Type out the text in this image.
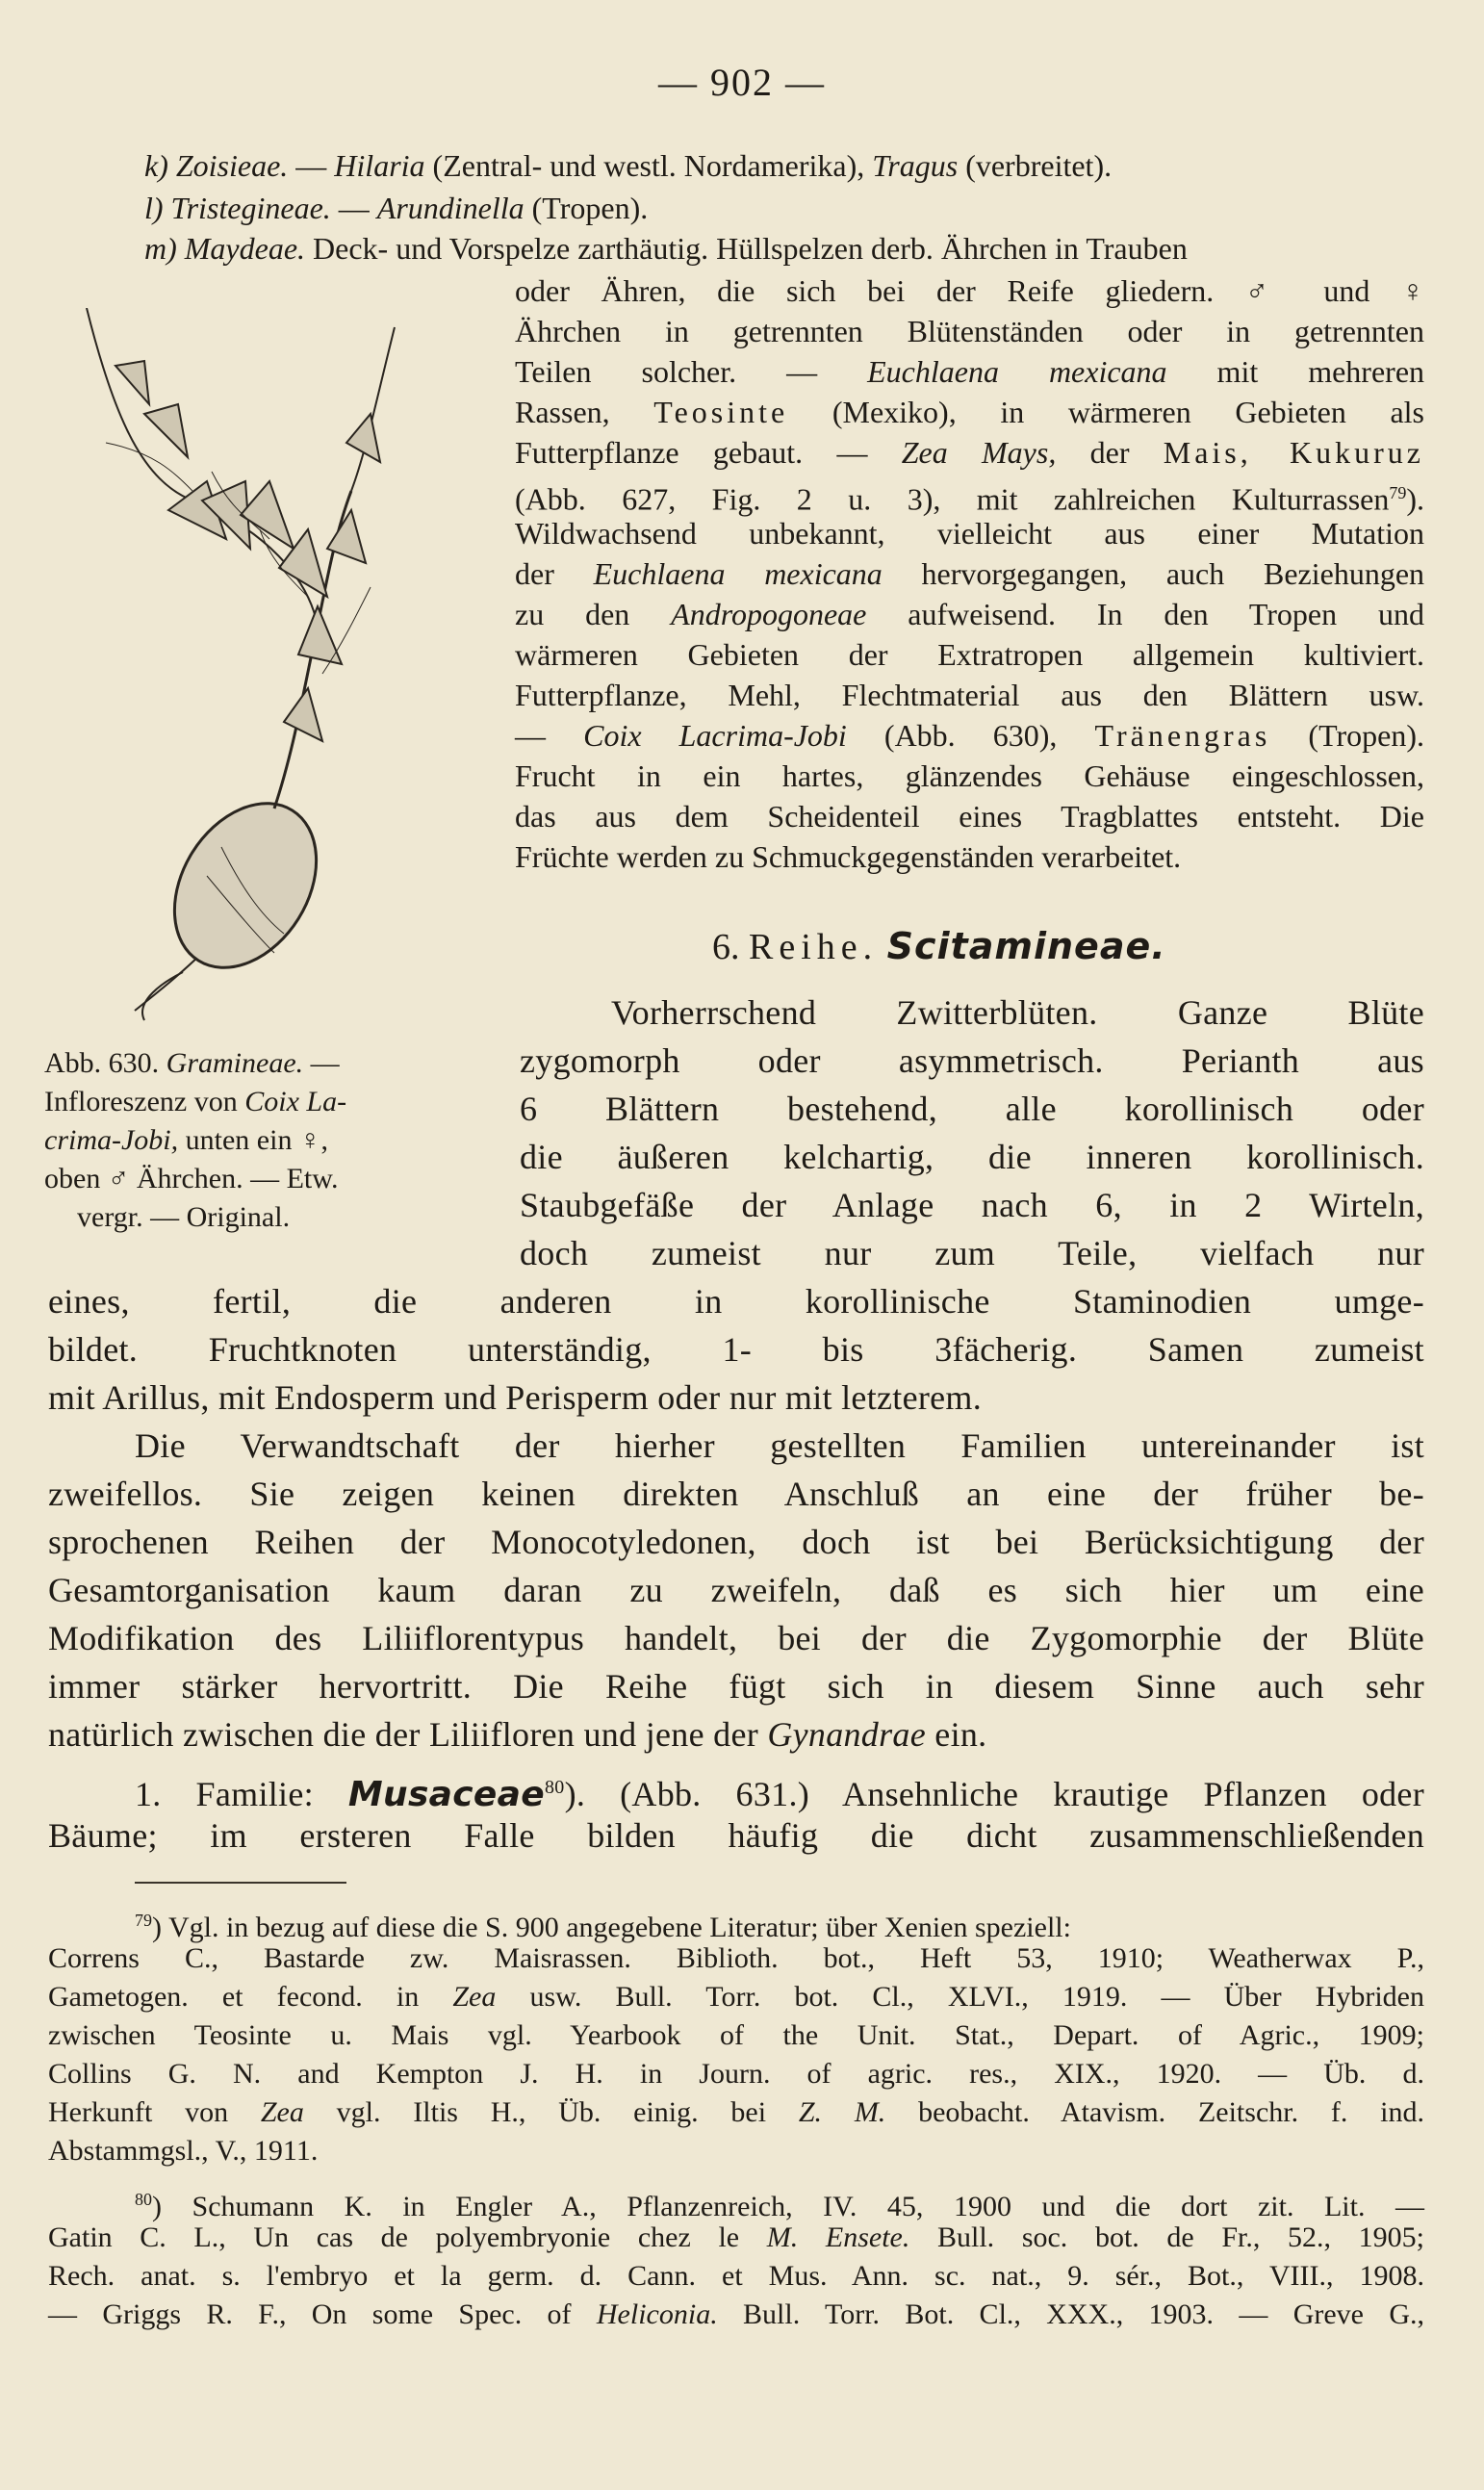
— 902 —
k) Zoisieae. — Hilaria (Zentral- und westl. Nordamerika), Tragus (verbreitet).
l) Tristegineae. — Arundinella (Tropen).
m) Maydeae. Deck- und Vorspelze zarthäutig. Hüllspelzen derb. Ährchen in Trauben
oder Ähren, die sich bei der Reife gliedern. ♂ und ♀
Ährchen in getrennten Blütenständen oder in getrennten
Teilen solcher. — Euchlaena mexicana mit mehreren
Rassen, Teosinte (Mexiko), in wärmeren Gebieten als
Futterpflanze gebaut. — Zea Mays, der Mais, Kukuruz
(Abb. 627, Fig. 2 u. 3), mit zahlreichen Kulturrassen$^{79}$).
Wildwachsend unbekannt, vielleicht aus einer Mutation
der Euchlaena mexicana hervorgegangen, auch Beziehungen
zu den Andropogoneae aufweisend. In den Tropen und
wärmeren Gebieten der Extratropen allgemein kultiviert.
Futterpflanze, Mehl, Flechtmaterial aus den Blättern usw.
— Coix Lacrima-Jobi (Abb. 630), Tränengras (Tropen).
Frucht in ein hartes, glänzendes Gehäuse eingeschlossen,
das aus dem Scheidenteil eines Tragblattes entsteht. Die
Früchte werden zu Schmuckgegenständen verarbeitet.
Abb. 630. Gramineae. —
Infloreszenz von Coix La-
crima-Jobi, unten ein ♀,
oben ♂ Ährchen. — Etw.
vergr. — Original.
6. Reihe. Scitamineae.
Vorherrschend Zwitterblüten. Ganze Blüte
zygomorph oder asymmetrisch. Perianth aus
6 Blättern bestehend, alle korollinisch oder
die äußeren kelchartig, die inneren korollinisch.
Staubgefäße der Anlage nach 6, in 2 Wirteln,
doch zumeist nur zum Teile, vielfach nur
eines, fertil, die anderen in korollinische Staminodien umge-
bildet. Fruchtknoten unterständig, 1- bis 3fächerig. Samen zumeist
mit Arillus, mit Endosperm und Perisperm oder nur mit letzterem.
Die Verwandtschaft der hierher gestellten Familien untereinander ist
zweifellos. Sie zeigen keinen direkten Anschluß an eine der früher be-
sprochenen Reihen der Monocotyledonen, doch ist bei Berücksichtigung der
Gesamtorganisation kaum daran zu zweifeln, daß es sich hier um eine
Modifikation des Liliiflorentypus handelt, bei der die Zygomorphie der Blüte
immer stärker hervortritt. Die Reihe fügt sich in diesem Sinne auch sehr
natürlich zwischen die der Liliifloren und jene der Gynandrae ein.
1. Familie: Musaceae$^{80}$). (Abb. 631.) Ansehnliche krautige Pflanzen oder
Bäume; im ersteren Falle bilden häufig die dicht zusammenschließenden
$^{79}$) Vgl. in bezug auf diese die S. 900 angegebene Literatur; über Xenien speziell:
Correns C., Bastarde zw. Maisrassen. Biblioth. bot., Heft 53, 1910; Weatherwax P.,
Gametogen. et fecond. in Zea usw. Bull. Torr. bot. Cl., XLVI., 1919. — Über Hybriden
zwischen Teosinte u. Mais vgl. Yearbook of the Unit. Stat., Depart. of Agric., 1909;
Collins G. N. and Kempton J. H. in Journ. of agric. res., XIX., 1920. — Üb. d.
Herkunft von Zea vgl. Iltis H., Üb. einig. bei Z. M. beobacht. Atavism. Zeitschr. f. ind.
Abstammgsl., V., 1911.
$^{80}$) Schumann K. in Engler A., Pflanzenreich, IV. 45, 1900 und die dort zit. Lit. —
Gatin C. L., Un cas de polyembryonie chez le M. Ensete. Bull. soc. bot. de Fr., 52., 1905;
Rech. anat. s. l'embryo et la germ. d. Cann. et Mus. Ann. sc. nat., 9. sér., Bot., VIII., 1908.
— Griggs R. F., On some Spec. of Heliconia. Bull. Torr. Bot. Cl., XXX., 1903. — Greve G.,
